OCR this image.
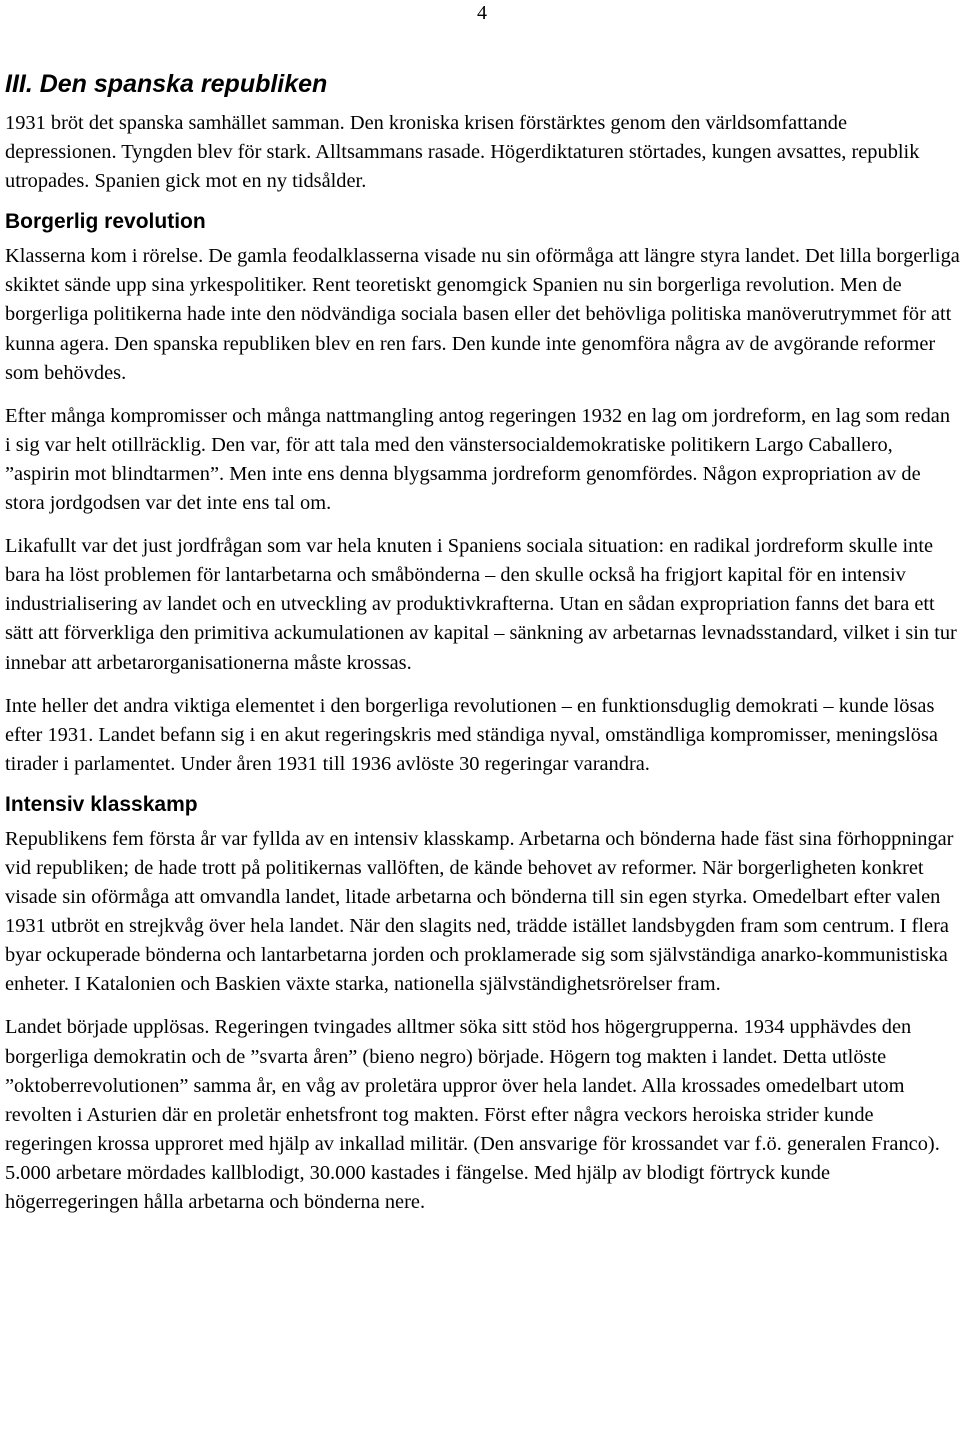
4
III. Den spanska republiken

1931 bröt det spanska samhället samman. Den kroniska krisen förstärktes genom den världsomfattande depressionen. Tyngden blev för stark. Alltsammans rasade. Högerdiktaturen störtades, kungen avsattes, republik utropades. Spanien gick mot en ny tidsålder.

Borgerlig revolution

Klasserna kom i rörelse. De gamla feodalklasserna visade nu sin oförmåga att längre styra landet. Det lilla borgerliga skiktet sände upp sina yrkespolitiker. Rent teoretiskt genomgick Spanien nu sin borgerliga revolution. Men de borgerliga politikerna hade inte den nödvändiga sociala basen eller det behövliga politiska manöverutrymmet för att kunna agera. Den spanska republiken blev en ren fars. Den kunde inte genomföra några av de avgörande reformer som behövdes.

Efter många kompromisser och många nattmangling antog regeringen 1932 en lag om jordreform, en lag som redan i sig var helt otillräcklig. Den var, för att tala med den vänstersocialdemokratiske politikern Largo Caballero, ”aspirin mot blindtarmen”. Men inte ens denna blygsamma jordreform genomfördes. Någon expropriation av de stora jordgodsen var det inte ens tal om.

Likafullt var det just jordfrågan som var hela knuten i Spaniens sociala situation: en radikal jordreform skulle inte bara ha löst problemen för lantarbetarna och småbönderna – den skulle också ha frigjort kapital för en intensiv industrialisering av landet och en utveckling av produktivkrafterna. Utan en sådan expropriation fanns det bara ett sätt att förverkliga den primitiva ackumulationen av kapital – sänkning av arbetarnas levnadsstandard, vilket i sin tur innebar att arbetarorganisationerna måste krossas.

Inte heller det andra viktiga elementet i den borgerliga revolutionen – en funktionsduglig demokrati – kunde lösas efter 1931. Landet befann sig i en akut regeringskris med ständiga nyval, omständliga kompromisser, meningslösa tirader i parlamentet. Under åren 1931 till 1936 avlöste 30 regeringar varandra.

Intensiv klasskamp

Republikens fem första år var fyllda av en intensiv klasskamp. Arbetarna och bönderna hade fäst sina förhoppningar vid republiken; de hade trott på politikernas vallöften, de kände behovet av reformer. När borgerligheten konkret visade sin oförmåga att omvandla landet, litade arbetarna och bönderna till sin egen styrka. Omedelbart efter valen 1931 utbröt en strejkvåg över hela landet. När den slagits ned, trädde istället landsbygden fram som centrum. I flera byar ockuperade bönderna och lantarbetarna jorden och proklamerade sig som självständiga anarko-kommunistiska enheter. I Katalonien och Baskien växte starka, nationella självständighetsrörelser fram.

Landet började upplösas. Regeringen tvingades alltmer söka sitt stöd hos högergrupperna. 1934 upphävdes den borgerliga demokratin och de ”svarta åren” (bieno negro) började. Högern tog makten i landet. Detta utlöste ”oktoberrevolutionen” samma år, en våg av proletära uppror över hela landet. Alla krossades omedelbart utom revolten i Asturien där en proletär enhetsfront tog makten. Först efter några veckors heroiska strider kunde regeringen krossa upproret med hjälp av inkallad militär. (Den ansvarige för krossandet var f.ö. generalen Franco). 5.000 arbetare mördades kallblodigt, 30.000 kastades i fängelse. Med hjälp av blodigt förtryck kunde högerregeringen hålla arbetarna och bönderna nere.
